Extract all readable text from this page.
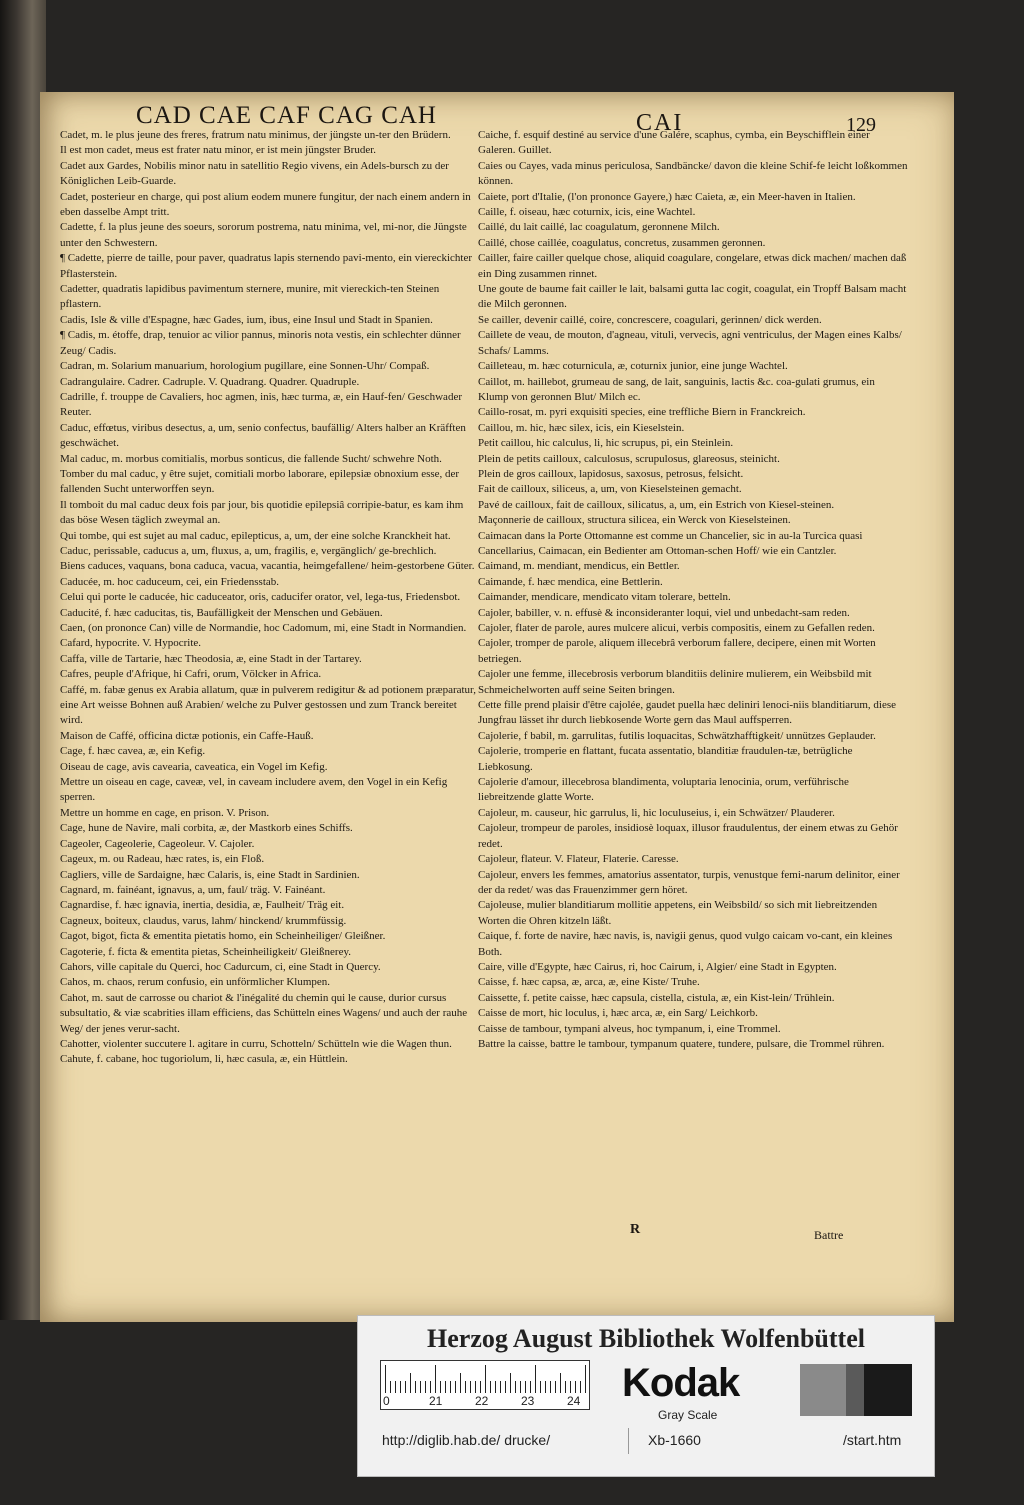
CAD CAE CAF CAG CAH	CAI	129

Cadet, m. le plus jeune des freres, fratrum natu minimus, der jüngste un-ter den Brüdern.

Il est mon cadet, meus est frater natu minor, er ist mein jüngster Bruder.

Cadet aux Gardes, Nobilis minor natu in satellitio Regio vivens, ein Adels-bursch zu der Königlichen Leib-Guarde.

Cadet, posterieur en charge, qui post alium eodem munere fungitur, der nach einem andern in eben dasselbe Ampt tritt.

Cadette, f. la plus jeune des soeurs, sororum postrema, natu minima, vel, mi-nor, die Jüngste unter den Schwestern.

¶ Cadette, pierre de taille, pour paver, quadratus lapis sternendo pavi-mento, ein viereckichter Pflasterstein.

Cadetter, quadratis lapidibus pavimentum sternere, munire, mit viereckich-ten Steinen pflastern.

Cadis, Isle & ville d'Espagne, hæc Gades, ium, ibus, eine Insul und Stadt in Spanien.

¶ Cadis, m. étoffe, drap, tenuior ac vilior pannus, minoris nota vestis, ein schlechter dünner Zeug/ Cadis.

Cadran, m. Solarium manuarium, horologium pugillare, eine Sonnen-Uhr/ Compaß.

Cadrangulaire. Cadrer. Cadruple. V. Quadrang. Quadrer. Quadruple.

Cadrille, f. trouppe de Cavaliers, hoc agmen, inis, hæc turma, æ, ein Hauf-fen/ Geschwader Reuter.

Caduc, effœtus, viribus desectus, a, um, senio confectus, baufällig/ Alters halber an Kräfften geschwächet.

Mal caduc, m. morbus comitialis, morbus sonticus, die fallende Sucht/ schwehre Noth.

Tomber du mal caduc, y être sujet, comitiali morbo laborare, epilepsiæ obnoxium esse, der fallenden Sucht unterworffen seyn.

Il tomboit du mal caduc deux fois par jour, bis quotidie epilepsiâ corripie-batur, es kam ihm das böse Wesen täglich zweymal an.

Qui tombe, qui est sujet au mal caduc, epilepticus, a, um, der eine solche Kranckheit hat.

Caduc, perissable, caducus a, um, fluxus, a, um, fragilis, e, vergänglich/ ge-brechlich.

Biens caduces, vaquans, bona caduca, vacua, vacantia, heimgefallene/ heim-gestorbene Güter.

Caducée, m. hoc caduceum, cei, ein Friedensstab.

Celui qui porte le caducée, hic caduceator, oris, caducifer orator, vel, lega-tus, Friedensbot.

Caducité, f. hæc caducitas, tis, Baufälligkeit der Menschen und Gebäuen.

Caen, (on prononce Can) ville de Normandie, hoc Cadomum, mi, eine Stadt in Normandien.

Cafard, hypocrite. V. Hypocrite.

Caffa, ville de Tartarie, hæc Theodosia, æ, eine Stadt in der Tartarey.

Cafres, peuple d'Afrique, hi Cafri, orum, Völcker in Africa.

Caffé, m. fabæ genus ex Arabia allatum, quæ in pulverem redigitur & ad potionem præparatur, eine Art weisse Bohnen auß Arabien/ welche zu Pulver gestossen und zum Tranck bereitet wird.

Maison de Caffé, officina dictæ potionis, ein Caffe-Hauß.

Cage, f. hæc cavea, æ, ein Kefig.

Oiseau de cage, avis cavearia, caveatica, ein Vogel im Kefig.

Mettre un oiseau en cage, caveæ, vel, in caveam includere avem, den Vogel in ein Kefig sperren.

Mettre un homme en cage, en prison. V. Prison.

Cage, hune de Navire, mali corbita, æ, der Mastkorb eines Schiffs.

Cageoler, Cageolerie, Cageoleur. V. Cajoler.

Cageux, m. ou Radeau, hæc rates, is, ein Floß.

Cagliers, ville de Sardaigne, hæc Calaris, is, eine Stadt in Sardinien.

Cagnard, m. fainéant, ignavus, a, um, faul/ träg. V. Fainéant.

Cagnardise, f. hæc ignavia, inertia, desidia, æ, Faulheit/ Träg eit.

Cagneux, boiteux, claudus, varus, lahm/ hinckend/ krummfüssig.

Cagot, bigot, ficta & ementita pietatis homo, ein Scheinheiliger/ Gleißner.

Cagoterie, f. ficta & ementita pietas, Scheinheiligkeit/ Gleißnerey.

Cahors, ville capitale du Querci, hoc Cadurcum, ci, eine Stadt in Quercy.

Cahos, m. chaos, rerum confusio, ein unförmlicher Klumpen.

Cahot, m. saut de carrosse ou chariot & l'inégalité du chemin qui le cause, durior cursus subsultatio, & viæ scabrities illam efficiens, das Schütteln eines Wagens/ und auch der rauhe Weg/ der jenes verur-sacht.

Cahotter, violenter succutere l. agitare in curru, Schotteln/ Schütteln wie die Wagen thun.

Cahute, f. cabane, hoc tugoriolum, li, hæc casula, æ, ein Hüttlein.

Caiche, f. esquif destiné au service d'une Galére, scaphus, cymba, ein Beyschifflein einer Galeren. Guillet.

Caies ou Cayes, vada minus periculosa, Sandbäncke/ davon die kleine Schif-fe leicht loßkommen können.

Caiete, port d'Italie, (l'on prononce Gayere,) hæc Caieta, æ, ein Meer-haven in Italien.

Caille, f. oiseau, hæc coturnix, icis, eine Wachtel.

Caillé, du lait caillé, lac coagulatum, geronnene Milch.

Caillé, chose caillée, coagulatus, concretus, zusammen geronnen.

Cailler, faire cailler quelque chose, aliquid coagulare, congelare, etwas dick machen/ machen daß ein Ding zusammen rinnet.

Une goute de baume fait cailler le lait, balsami gutta lac cogit, coagulat, ein Tropff Balsam macht die Milch geronnen.

Se cailler, devenir caillé, coire, concrescere, coagulari, gerinnen/ dick werden.

Caillete de veau, de mouton, d'agneau, vituli, vervecis, agni ventriculus, der Magen eines Kalbs/ Schafs/ Lamms.

Cailleteau, m. hæc coturnicula, æ, coturnix junior, eine junge Wachtel.

Caillot, m. haillebot, grumeau de sang, de lait, sanguinis, lactis &c. coa-gulati grumus, ein Klump von geronnen Blut/ Milch ec.

Caillo-rosat, m. pyri exquisiti species, eine treffliche Biern in Franckreich.

Caillou, m. hic, hæc silex, icis, ein Kieselstein.

Petit caillou, hic calculus, li, hic scrupus, pi, ein Steinlein.

Plein de petits cailloux, calculosus, scrupulosus, glareosus, steinicht.

Plein de gros cailloux, lapidosus, saxosus, petrosus, felsicht.

Fait de cailloux, siliceus, a, um, von Kieselsteinen gemacht.

Pavé de cailloux, fait de cailloux, silicatus, a, um, ein Estrich von Kiesel-steinen.

Maçonnerie de cailloux, structura silicea, ein Werck von Kieselsteinen.

Caimacan dans la Porte Ottomanne est comme un Chancelier, sic in au-la Turcica quasi Cancellarius, Caimacan, ein Bedienter am Ottoman-schen Hoff/ wie ein Cantzler.

Caimand, m. mendiant, mendicus, ein Bettler.

Caimande, f. hæc mendica, eine Bettlerin.

Caimander, mendicare, mendicato vitam tolerare, betteln.

Cajoler, babiller, v. n. effusè & inconsideranter loqui, viel und unbedacht-sam reden.

Cajoler, flater de parole, aures mulcere alicui, verbis compositis, einem zu Gefallen reden.

Cajoler, tromper de parole, aliquem illecebrâ verborum fallere, decipere, einen mit Worten betriegen.

Cajoler une femme, illecebrosis verborum blanditiis delinire mulierem, ein Weibsbild mit Schmeichelworten auff seine Seiten bringen.

Cette fille prend plaisir d'être cajolée, gaudet puella hæc deliniri lenoci-niis blanditiarum, diese Jungfrau lässet ihr durch liebkosende Worte gern das Maul auffsperren.

Cajolerie, f babil, m. garrulitas, futilis loquacitas, Schwätzhafftigkeit/ unnützes Geplauder.

Cajolerie, tromperie en flattant, fucata assentatio, blanditiæ fraudulen-tæ, betrügliche Liebkosung.

Cajolerie d'amour, illecebrosa blandimenta, voluptaria lenocinia, orum, verführische liebreitzende glatte Worte.

Cajoleur, m. causeur, hic garrulus, li, hic loculuseius, i, ein Schwätzer/ Plauderer.

Cajoleur, trompeur de paroles, insidiosè loquax, illusor fraudulentus, der einem etwas zu Gehör redet.

Cajoleur, flateur. V. Flateur, Flaterie. Caresse.

Cajoleur, envers les femmes, amatorius assentator, turpis, venustque femi-narum delinitor, einer der da redet/ was das Frauenzimmer gern höret.

Cajoleuse, mulier blanditiarum mollitie appetens, ein Weibsbild/ so sich mit liebreitzenden Worten die Ohren kitzeln läßt.

Caique, f. forte de navire, hæc navis, is, navigii genus, quod vulgo caicam vo-cant, ein kleines Both.

Caire, ville d'Egypte, hæc Cairus, ri, hoc Cairum, i, Algier/ eine Stadt in Egypten.

Caisse, f. hæc capsa, æ, arca, æ, eine Kiste/ Truhe.

Caissette, f. petite caisse, hæc capsula, cistella, cistula, æ, ein Kist-lein/ Trühlein.

Caisse de mort, hic loculus, i, hæc arca, æ, ein Sarg/ Leichkorb.

Caisse de tambour, tympani alveus, hoc tympanum, i, eine Trommel.

Battre la caisse, battre le tambour, tympanum quatere, tundere, pulsare, die Trommel rühren.

R	Battre
Herzog August Bibliothek Wolfenbüttel
0	21	22	23	24 Kodak
Gray Scale
http://diglib.hab.de/ drucke/	Xb-1660	/start.htm
